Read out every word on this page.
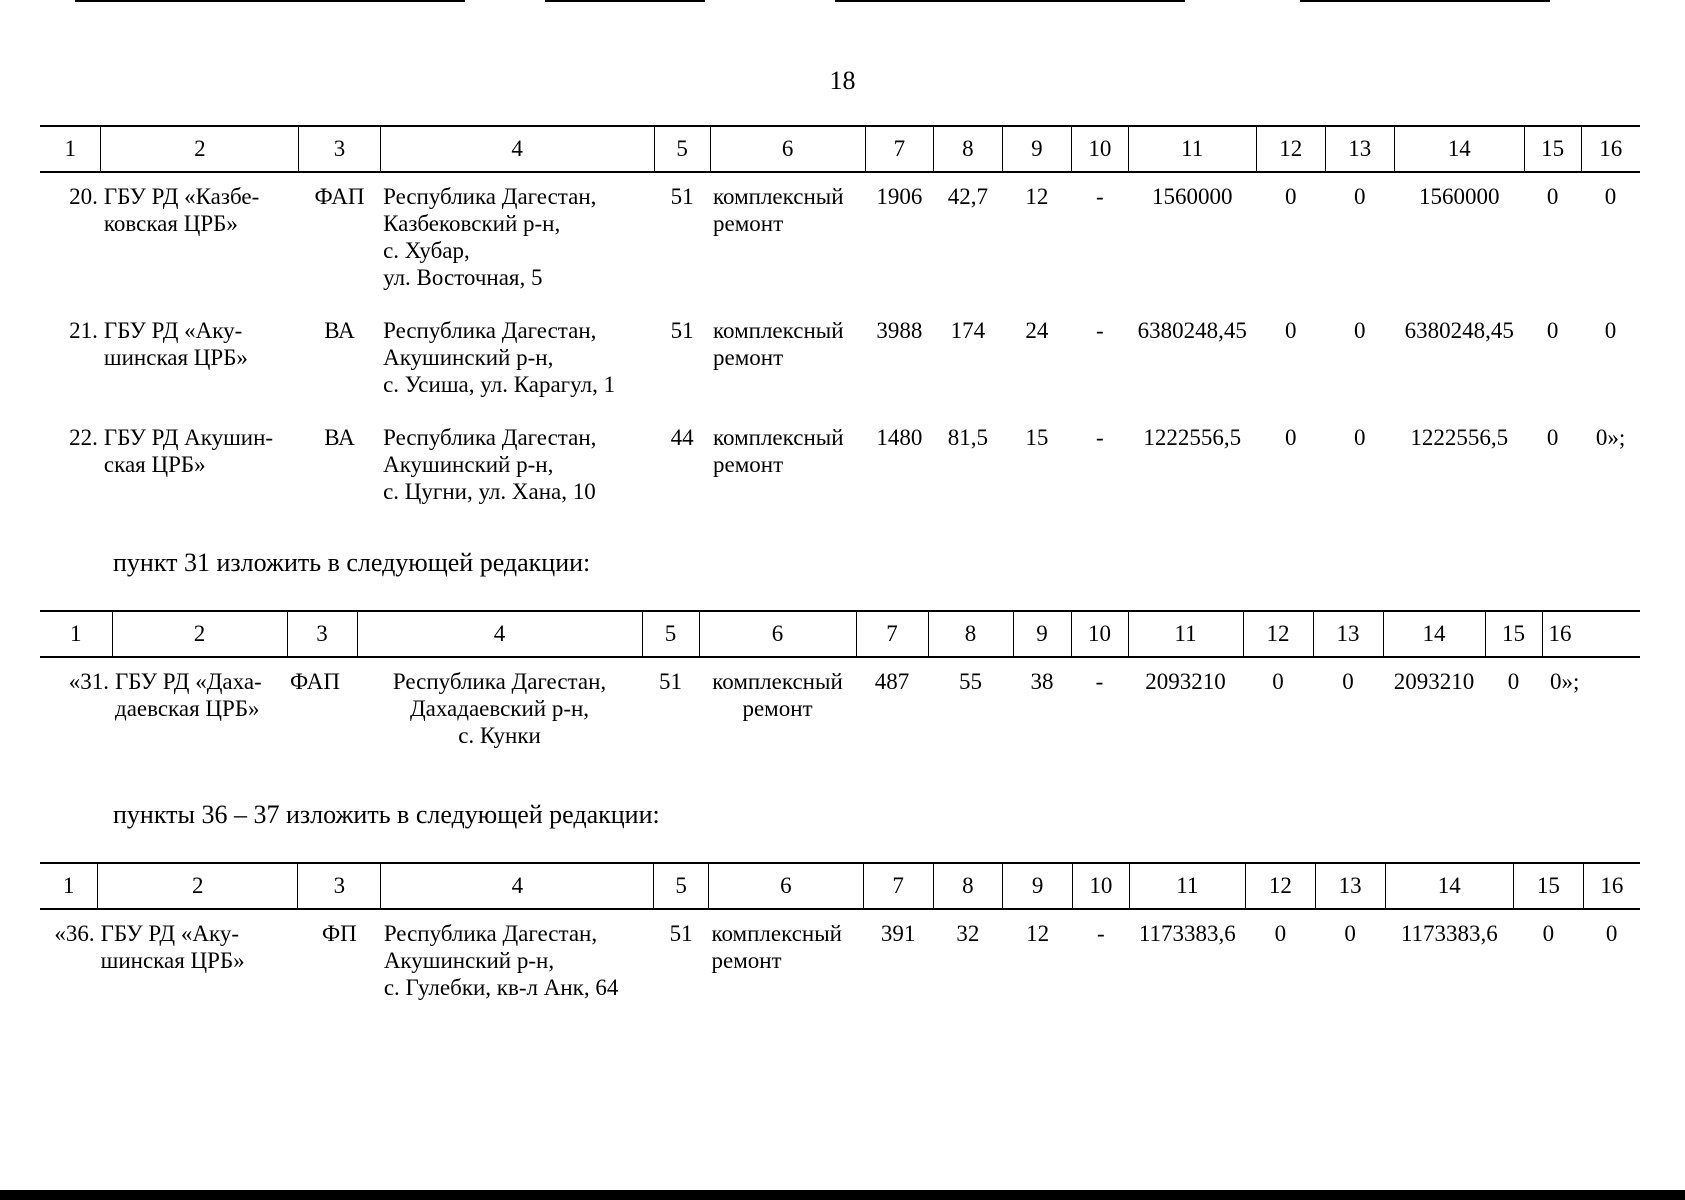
18
1	2	3	4	5	6	7	8	9	10	11	12	13	14	15	16
20.	ГБУ РД «Казбе-
ковская ЦРБ»	ФАП	Республика Дагестан,
Казбековский р-н,
с. Хубар,
ул. Восточная, 5	51	комплексный
ремонт	1906	42,7	12	-	1560000	0	0	1560000	0	0
21.	ГБУ РД «Аку-
шинская ЦРБ»	ВА	Республика Дагестан,
Акушинский р-н,
с. Усиша, ул. Карагул, 1	51	комплексный
ремонт	3988	174	24	-	6380248,45	0	0	6380248,45	0	0
22.	ГБУ РД Акушин-
ская ЦРБ»	ВА	Республика Дагестан,
Акушинский р-н,
с. Цугни, ул. Хана, 10	44	комплексный
ремонт	1480	81,5	15	-	1222556,5	0	0	1222556,5	0	0»;
пункт 31 изложить в следующей редакции:
1	2	3	4	5	6	7	8	9	10	11	12	13	14	15	16
«31.	ГБУ РД «Даха-
даевская ЦРБ»	ФАП	Республика Дагестан,
Дахадаевский р-н,
с. Кунки	51	комплексный
ремонт	487	55	38	-	2093210	0	0	2093210	0	0»;
пункты 36 – 37 изложить в следующей редакции:
1	2	3	4	5	6	7	8	9	10	11	12	13	14	15	16
«36.	ГБУ РД «Аку-
шинская ЦРБ»	ФП	Республика Дагестан,
Акушинский р-н,
с. Гулебки, кв-л Анк, 64	51	комплексный
ремонт	391	32	12	-	1173383,6	0	0	1173383,6	0	0
